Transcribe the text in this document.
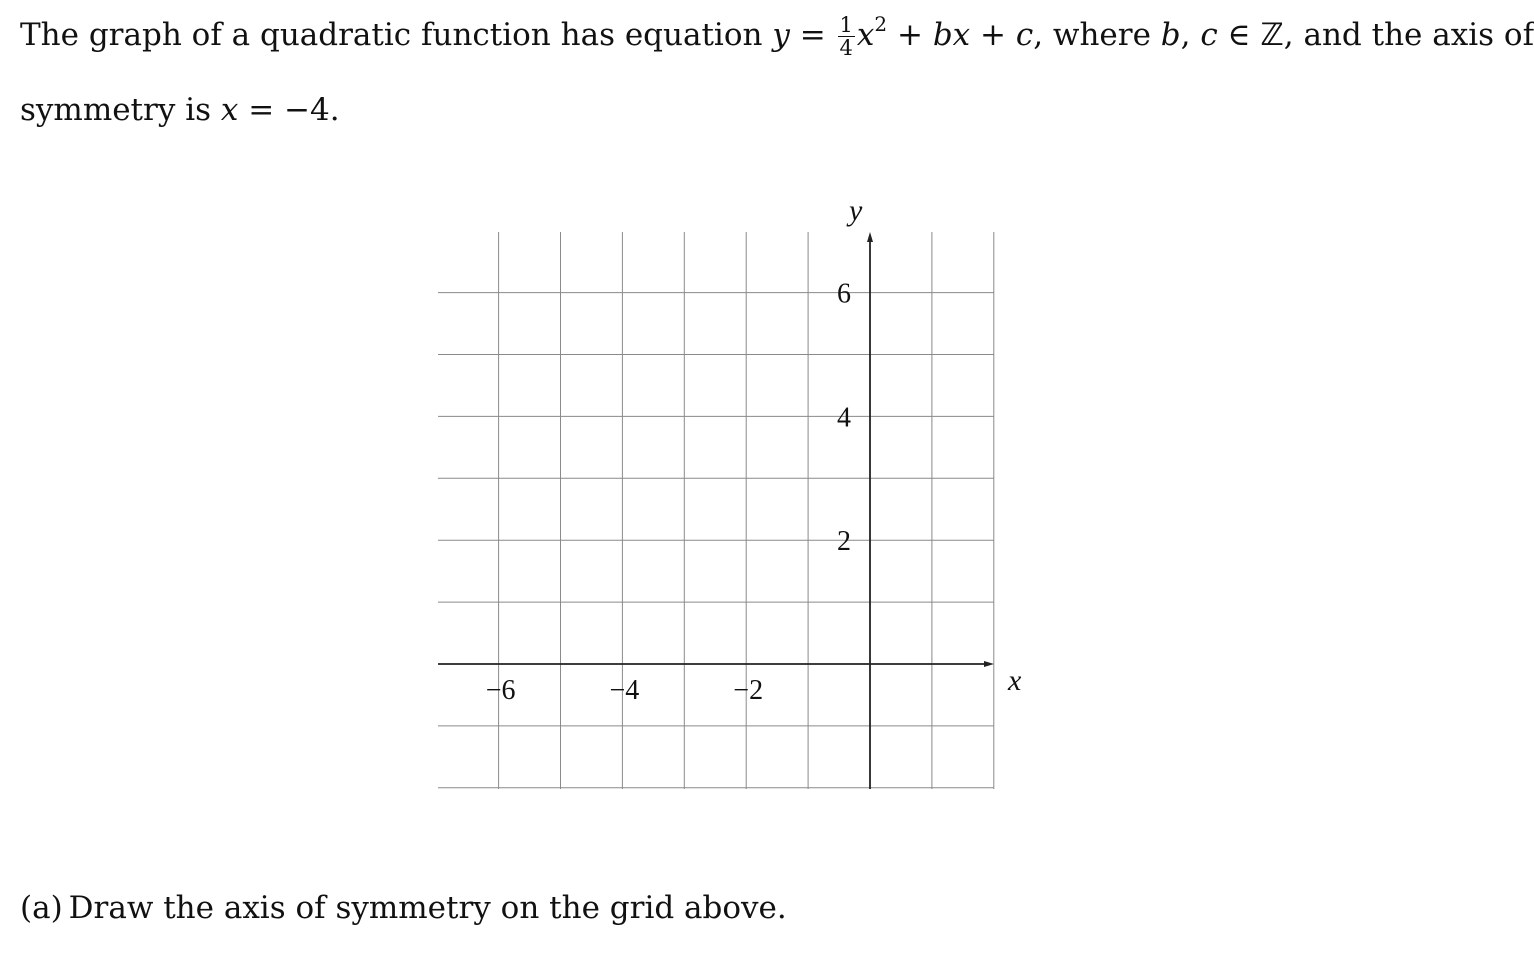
The graph of a quadratic function has equation $y = \frac{1}{4} x^2$ + bx + c, where b, c ∈ ℤ, and the axis of
symmetry is x = −4.
−6	−4	−2
6
4
2
x
y
(a) Draw the axis of symmetry on the grid above.
